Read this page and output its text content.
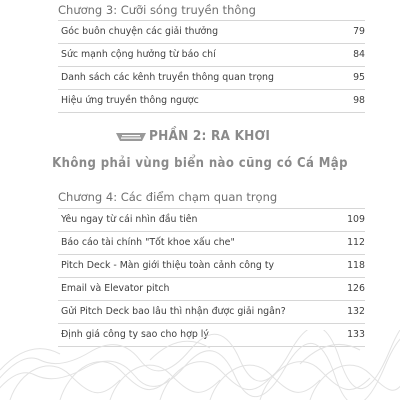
Chương 3: Cưỡi sóng truyền thông
Góc buôn chuyện các giải thưởng	79
Sức mạnh cộng hưởng từ báo chí	84
Danh sách các kênh truyền thông quan trọng	95
Hiệu ứng truyền thông ngược	98
PHẦN 2: RA KHƠI
Không phải vùng biển nào cũng có Cá Mập
Chương 4: Các điểm chạm quan trọng
Yêu ngay từ cái nhìn đầu tiên	109
Báo cáo tài chính "Tốt khoe xấu che"	112
Pitch Deck - Màn giới thiệu toàn cảnh công ty	118
Email và Elevator pitch	126
Gửi Pitch Deck bao lâu thì nhận được giải ngân?	132
Định giá công ty sao cho hợp lý	133
